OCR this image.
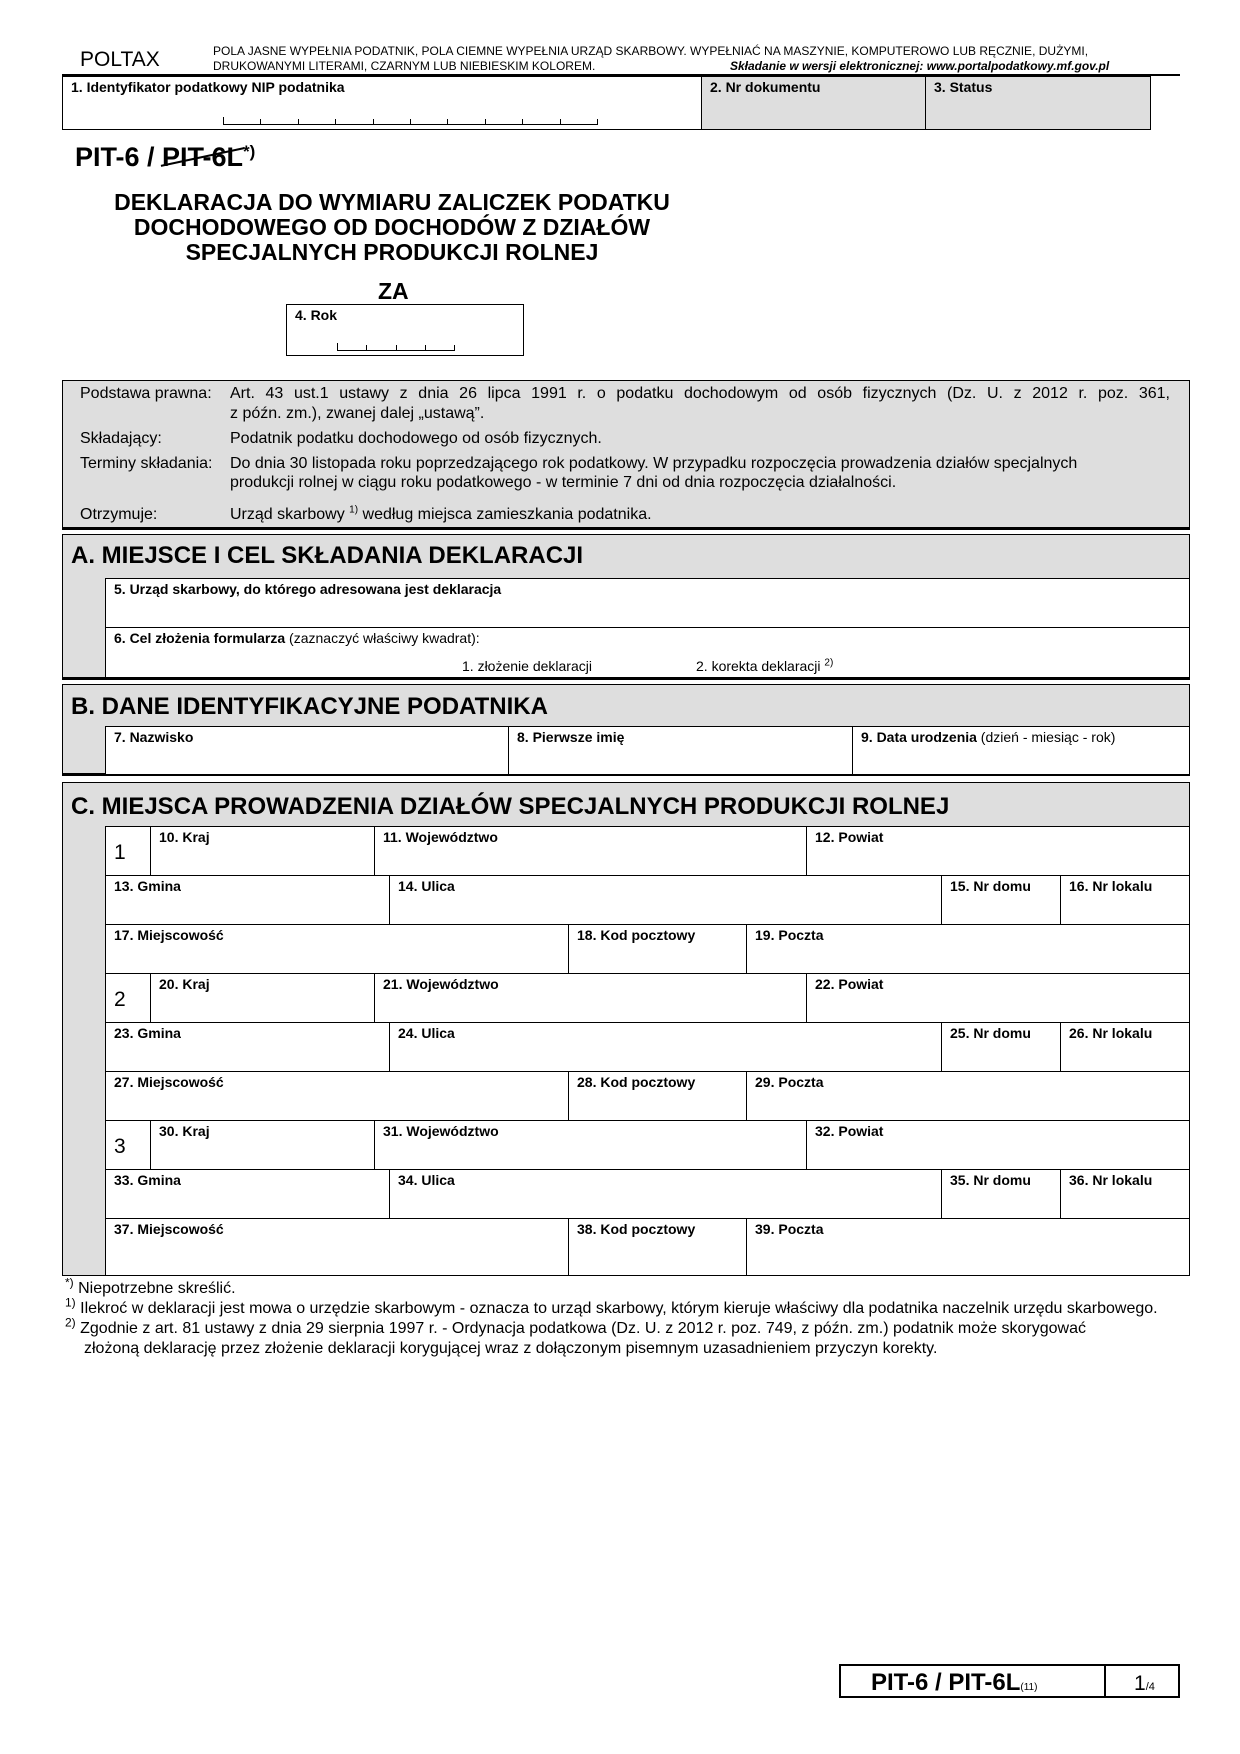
POLTAX	POLA JASNE WYPEŁNIA PODATNIK, POLA CIEMNE WYPEŁNIA URZĄD SKARBOWY. WYPEŁNIAĆ NA MASZYNIE, KOMPUTEROWO LUB RĘCZNIE, DUŻYMI,
DRUKOWANYMI LITERAMI, CZARNYM LUB NIEBIESKIM KOLOREM.	Składanie w wersji elektronicznej: www.portalpodatkowy.mf.gov.pl
1. Identyfikator podatkowy NIP podatnika	2. Nr dokumentu	3. Status
PIT-6 / PIT-6L*)
DEKLARACJA DO WYMIARU ZALICZEK PODATKU
DOCHODOWEGO OD DOCHODÓW Z DZIAŁÓW
SPECJALNYCH PRODUKCJI ROLNEJ
ZA
4. Rok
Podstawa prawna: Art. 43 ust.1 ustawy z dnia 26 lipca 1991 r. o podatku dochodowym od osób fizycznych (Dz. U. z 2012 r. poz. 361,
z późn. zm.), zwanej dalej „ustawą”.
Składający:	Podatnik podatku dochodowego od osób fizycznych.
Terminy składania: Do dnia 30 listopada roku poprzedzającego rok podatkowy. W przypadku rozpoczęcia prowadzenia działów specjalnych
produkcji rolnej w ciągu roku podatkowego - w terminie 7 dni od dnia rozpoczęcia działalności.
Otrzymuje:	Urząd skarbowy $^{1)}$ według miejsca zamieszkania podatnika.
A. MIEJSCE I CEL SKŁADANIA DEKLARACJI
5. Urząd skarbowy, do którego adresowana jest deklaracja
6. Cel złożenia formularza (zaznaczyć właściwy kwadrat):
1. złożenie deklaracji	2. korekta deklaracji $^{2)}$
B. DANE IDENTYFIKACYJNE PODATNIKA
7. Nazwisko	8. Pierwsze imię	9. Data urodzenia (dzień - miesiąc - rok)
C. MIEJSCA PROWADZENIA DZIAŁÓW SPECJALNYCH PRODUKCJI ROLNEJ
1
10. Kraj	11. Województwo	12. Powiat
13. Gmina	14. Ulica	15. Nr domu	16. Nr lokalu
17. Miejscowość	18. Kod pocztowy	19. Poczta
2
20. Kraj	21. Województwo	22. Powiat
23. Gmina	24. Ulica	25. Nr domu	26. Nr lokalu
27. Miejscowość	28. Kod pocztowy	29. Poczta
3
30. Kraj	31. Województwo	32. Powiat
33. Gmina	34. Ulica	35. Nr domu	36. Nr lokalu
37. Miejscowość	38. Kod pocztowy	39. Poczta
*) Niepotrzebne skreślić.
$^{1)}$ Ilekroć w deklaracji jest mowa o urzędzie skarbowym - oznacza to urząd skarbowy, którym kieruje właściwy dla podatnika naczelnik urzędu skarbowego.
$^{2)}$ Zgodnie z art. 81 ustawy z dnia 29 sierpnia 1997 r. - Ordynacja podatkowa (Dz. U. z 2012 r. poz. 749, z późn. zm.) podatnik może skorygować
złożoną deklarację przez złożenie deklaracji korygującej wraz z dołączonym pisemnym uzasadnieniem przyczyn korekty.
PIT-6 / PIT-6L(11)	1/4
